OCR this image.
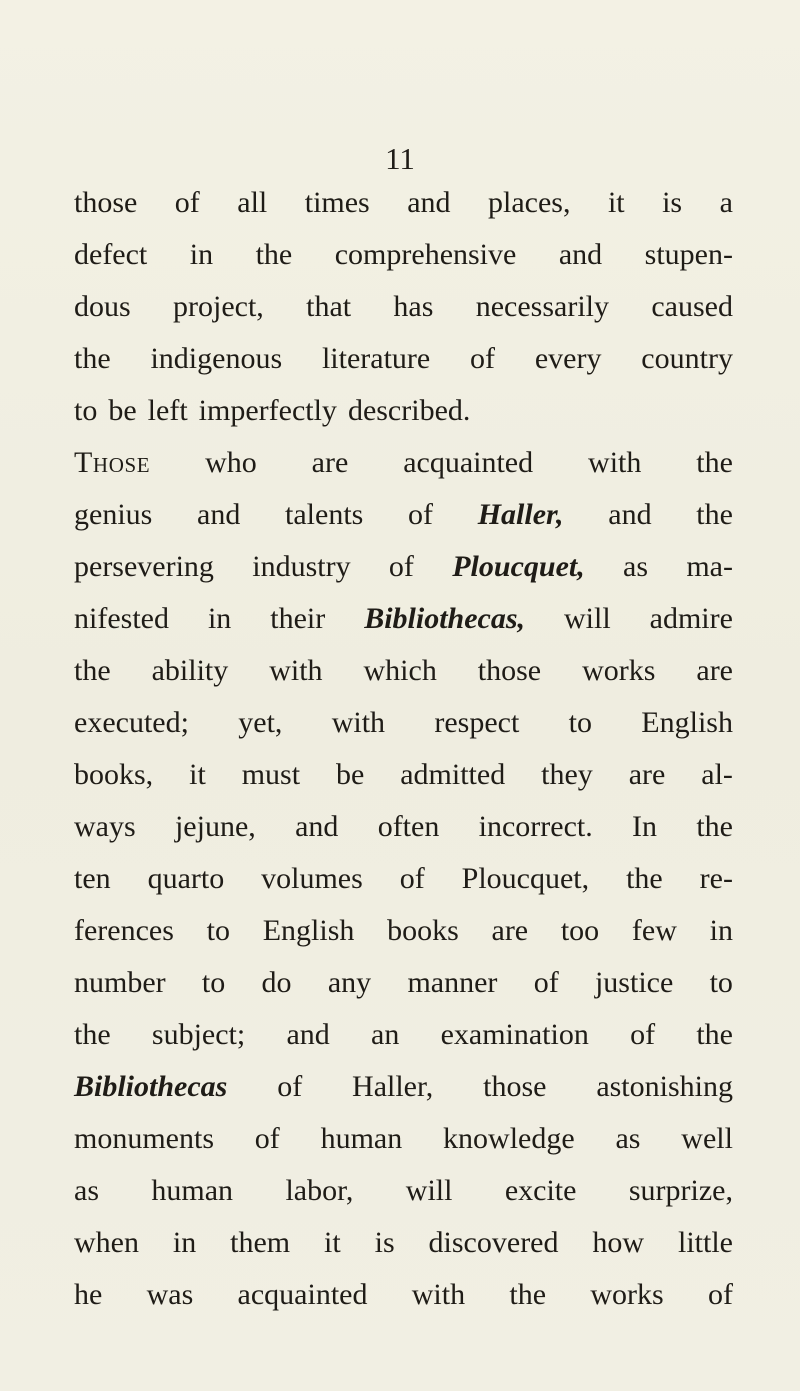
11
those of all times and places, it is a
defect in the comprehensive and stupen-
dous project, that has necessarily caused
the indigenous literature of every country
to be left imperfectly described.
Those who are acquainted with the
genius and talents of Haller, and the
persevering industry of Ploucquet, as ma-
nifested in their Bibliothecas, will admire
the ability with which those works are
executed; yet, with respect to English
books, it must be admitted they are al-
ways jejune, and often incorrect. In the
ten quarto volumes of Ploucquet, the re-
ferences to English books are too few in
number to do any manner of justice to
the subject; and an examination of the
Bibliothecas of Haller, those astonishing
monuments of human knowledge as well
as human labor, will excite surprize,
when in them it is discovered how little
he was acquainted with the works of
